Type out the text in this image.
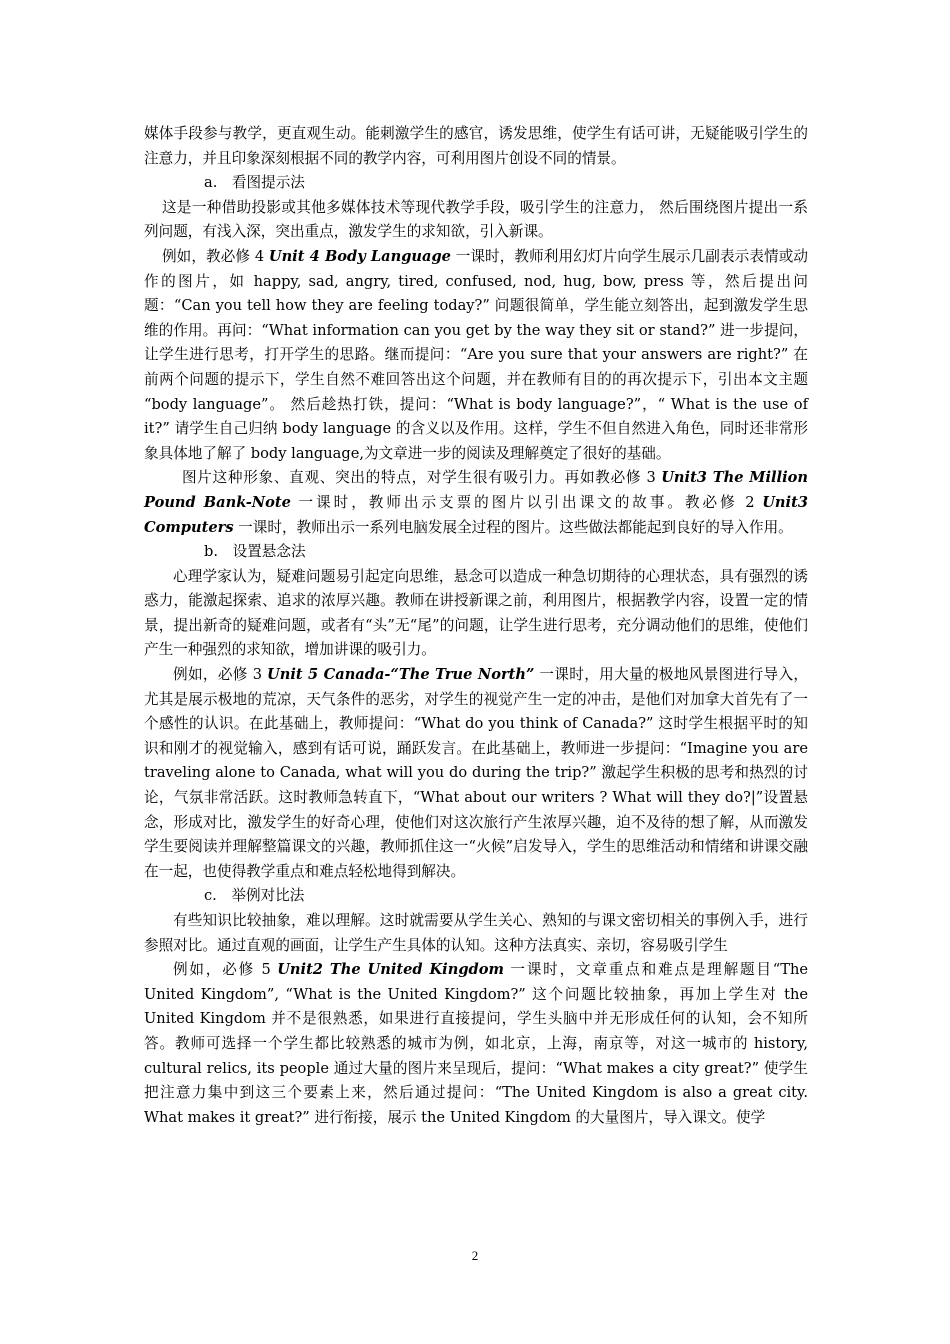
媒体手段参与教学，更直观生动。能刺激学生的感官，诱发思维，使学生有话可讲，无疑能吸引学生的注意力，并且印象深刻根据不同的教学内容，可利用图片创设不同的情景。

a.　看图提示法

这是一种借助投影或其他多媒体技术等现代教学手段，吸引学生的注意力， 然后围绕图片提出一系列问题，有浅入深，突出重点，激发学生的求知欲，引入新课。

例如，教必修 4 Unit 4 Body Language 一课时，教师利用幻灯片向学生展示几副表示表情或动作的图片，如 happy, sad, angry, tired, confused, nod, hug, bow, press 等，然后提出问题：“Can you tell how they are feeling today?” 问题很简单，学生能立刻答出，起到激发学生思维的作用。再问：“What information can you get by the way they sit or stand?” 进一步提问，让学生进行思考，打开学生的思路。继而提问：“Are you sure that your answers are right?” 在前两个问题的提示下，学生自然不难回答出这个问题，并在教师有目的的再次提示下，引出本文主题 “body language”。 然后趁热打铁，提问：“What is body language?”，“ What is the use of it?” 请学生自己归纳 body language 的含义以及作用。这样，学生不但自然进入角色，同时还非常形象具体地了解了 body language,为文章进一步的阅读及理解奠定了很好的基础。

图片这种形象、直观、突出的特点，对学生很有吸引力。再如教必修 3 Unit3 The Million Pound Bank-Note 一课时，教师出示支票的图片以引出课文的故事。教必修 2 Unit3 Computers 一课时，教师出示一系列电脑发展全过程的图片。这些做法都能起到良好的导入作用。

b.　设置悬念法

心理学家认为，疑难问题易引起定向思维，悬念可以造成一种急切期待的心理状态，具有强烈的诱惑力，能激起探索、追求的浓厚兴趣。教师在讲授新课之前，利用图片，根据教学内容，设置一定的情景，提出新奇的疑难问题，或者有“头”无“尾”的问题，让学生进行思考，充分调动他们的思维，使他们产生一种强烈的求知欲，增加讲课的吸引力。

例如，必修 3 Unit 5 Canada-“The True North” 一课时，用大量的极地风景图进行导入，尤其是展示极地的荒凉，天气条件的恶劣，对学生的视觉产生一定的冲击，是他们对加拿大首先有了一个感性的认识。在此基础上，教师提问：“What do you think of Canada?” 这时学生根据平时的知识和刚才的视觉输入，感到有话可说，踊跃发言。在此基础上，教师进一步提问：“Imagine you are traveling alone to Canada, what will you do during the trip?” 激起学生积极的思考和热烈的讨论，气氛非常活跃。这时教师急转直下，“What about our writers ? What will they do?|”设置悬念，形成对比，激发学生的好奇心理，使他们对这次旅行产生浓厚兴趣，迫不及待的想了解，从而激发学生要阅读并理解整篇课文的兴趣，教师抓住这一“火候”启发导入，学生的思维活动和情绪和讲课交融在一起，也使得教学重点和难点轻松地得到解决。

c.　举例对比法

有些知识比较抽象，难以理解。这时就需要从学生关心、熟知的与课文密切相关的事例入手，进行参照对比。通过直观的画面，让学生产生具体的认知。这种方法真实、亲切，容易吸引学生

例如，必修 5 Unit2 The United Kingdom 一课时，文章重点和难点是理解题目“The United Kingdom”, “What is the United Kingdom?” 这个问题比较抽象，再加上学生对 the United Kingdom 并不是很熟悉，如果进行直接提问，学生头脑中并无形成任何的认知，会不知所答。教师可选择一个学生都比较熟悉的城市为例，如北京，上海，南京等，对这一城市的 history, cultural relics, its people 通过大量的图片来呈现后，提问：“What makes a city great?” 使学生把注意力集中到这三个要素上来，然后通过提问：“The United Kingdom is also a great city. What makes it great?” 进行衔接，展示 the United Kingdom 的大量图片，导入课文。使学

2
